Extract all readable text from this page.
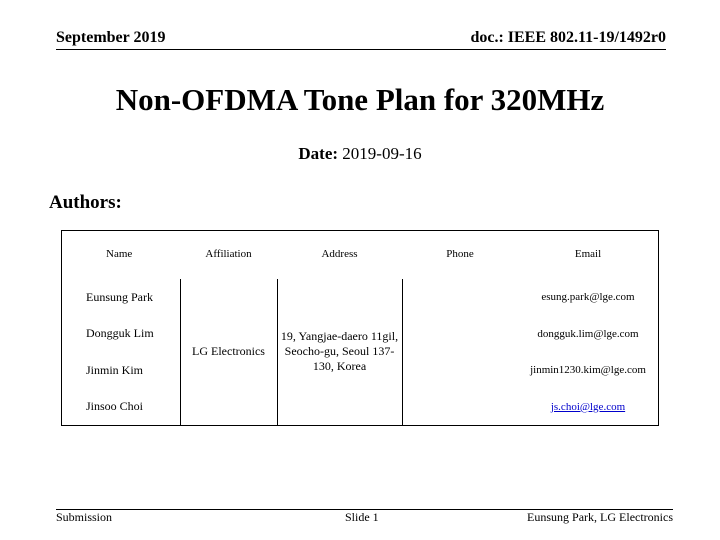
September 2019	doc.: IEEE 802.11-19/1492r0
Non-OFDMA Tone Plan for 320MHz
Date: 2019-09-16
Authors:
Name	Affiliation	Address	Phone	Email
Eunsung Park	LG Electronics	19, Yangjae-daero 11gil, Seocho-gu, Seoul 137-130, Korea		esung.park@lge.com
Dongguk Lim				dongguk.lim@lge.com
Jinmin Kim				jinmin1230.kim@lge.com
Jinsoo Choi				js.choi@lge.com
Submission	Slide 1	Eunsung Park, LG Electronics
